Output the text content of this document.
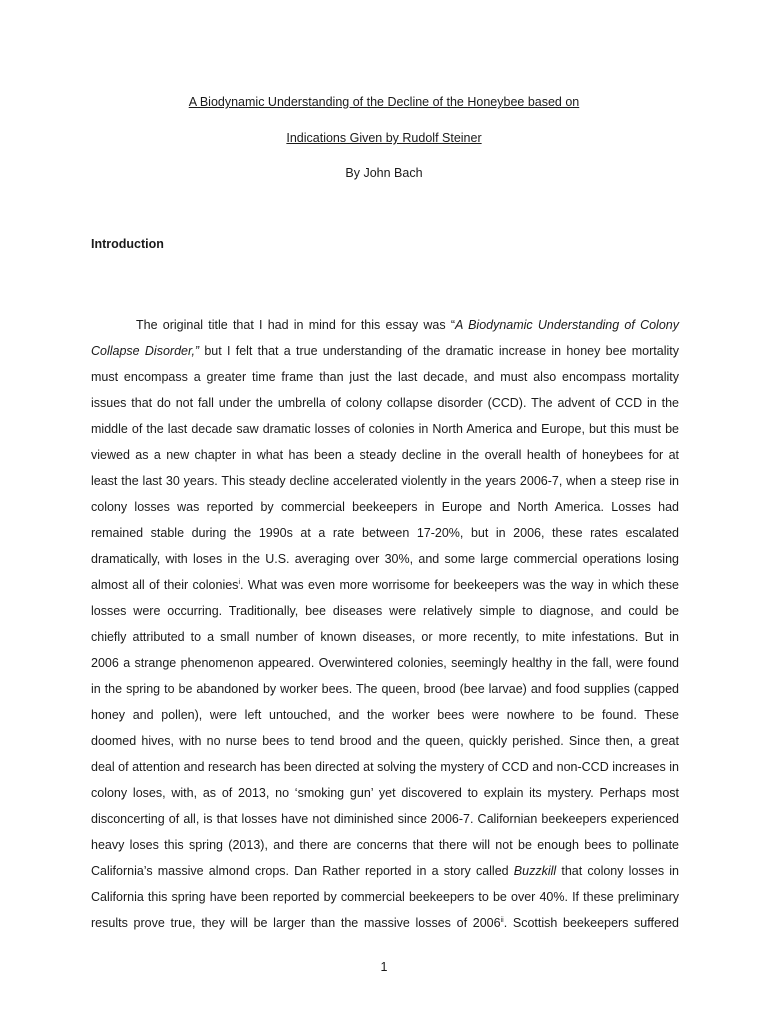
A Biodynamic Understanding of the Decline of the Honeybee based on
Indications Given by Rudolf Steiner
By John Bach
Introduction
The original title that I had in mind for this essay was “A Biodynamic Understanding of Colony
Collapse Disorder,” but I felt that a true understanding of the dramatic increase in honey bee mortality
must encompass a greater time frame than just the last decade, and must also encompass mortality
issues that do not fall under the umbrella of colony collapse disorder (CCD). The advent of CCD in the
middle of the last decade saw dramatic losses of colonies in North America and Europe, but this must be
viewed as a new chapter in what has been a steady decline in the overall health of honeybees for at
least the last 30 years. This steady decline accelerated violently in the years 2006-7, when a steep rise in
colony losses was reported by commercial beekeepers in Europe and North America. Losses had
remained stable during the 1990s at a rate between 17-20%, but in 2006, these rates escalated
dramatically, with loses in the U.S. averaging over 30%, and some large commercial operations losing
almost all of their colonies$^i$. What was even more worrisome for beekeepers was the way in which these
losses were occurring. Traditionally, bee diseases were relatively simple to diagnose, and could be
chiefly attributed to a small number of known diseases, or more recently, to mite infestations. But in
2006 a strange phenomenon appeared. Overwintered colonies, seemingly healthy in the fall, were found
in the spring to be abandoned by worker bees. The queen, brood (bee larvae) and food supplies (capped
honey and pollen), were left untouched, and the worker bees were nowhere to be found. These
doomed hives, with no nurse bees to tend brood and the queen, quickly perished. Since then, a great
deal of attention and research has been directed at solving the mystery of CCD and non-CCD increases in
colony loses, with, as of 2013, no ‘smoking gun’ yet discovered to explain its mystery. Perhaps most
disconcerting of all, is that losses have not diminished since 2006-7. Californian beekeepers experienced
heavy loses this spring (2013), and there are concerns that there will not be enough bees to pollinate
California’s massive almond crops. Dan Rather reported in a story called Buzzkill that colony losses in
California this spring have been reported by commercial beekeepers to be over 40%. If these preliminary
results prove true, they will be larger than the massive losses of 2006$^{ii}$. Scottish beekeepers suffered
1
